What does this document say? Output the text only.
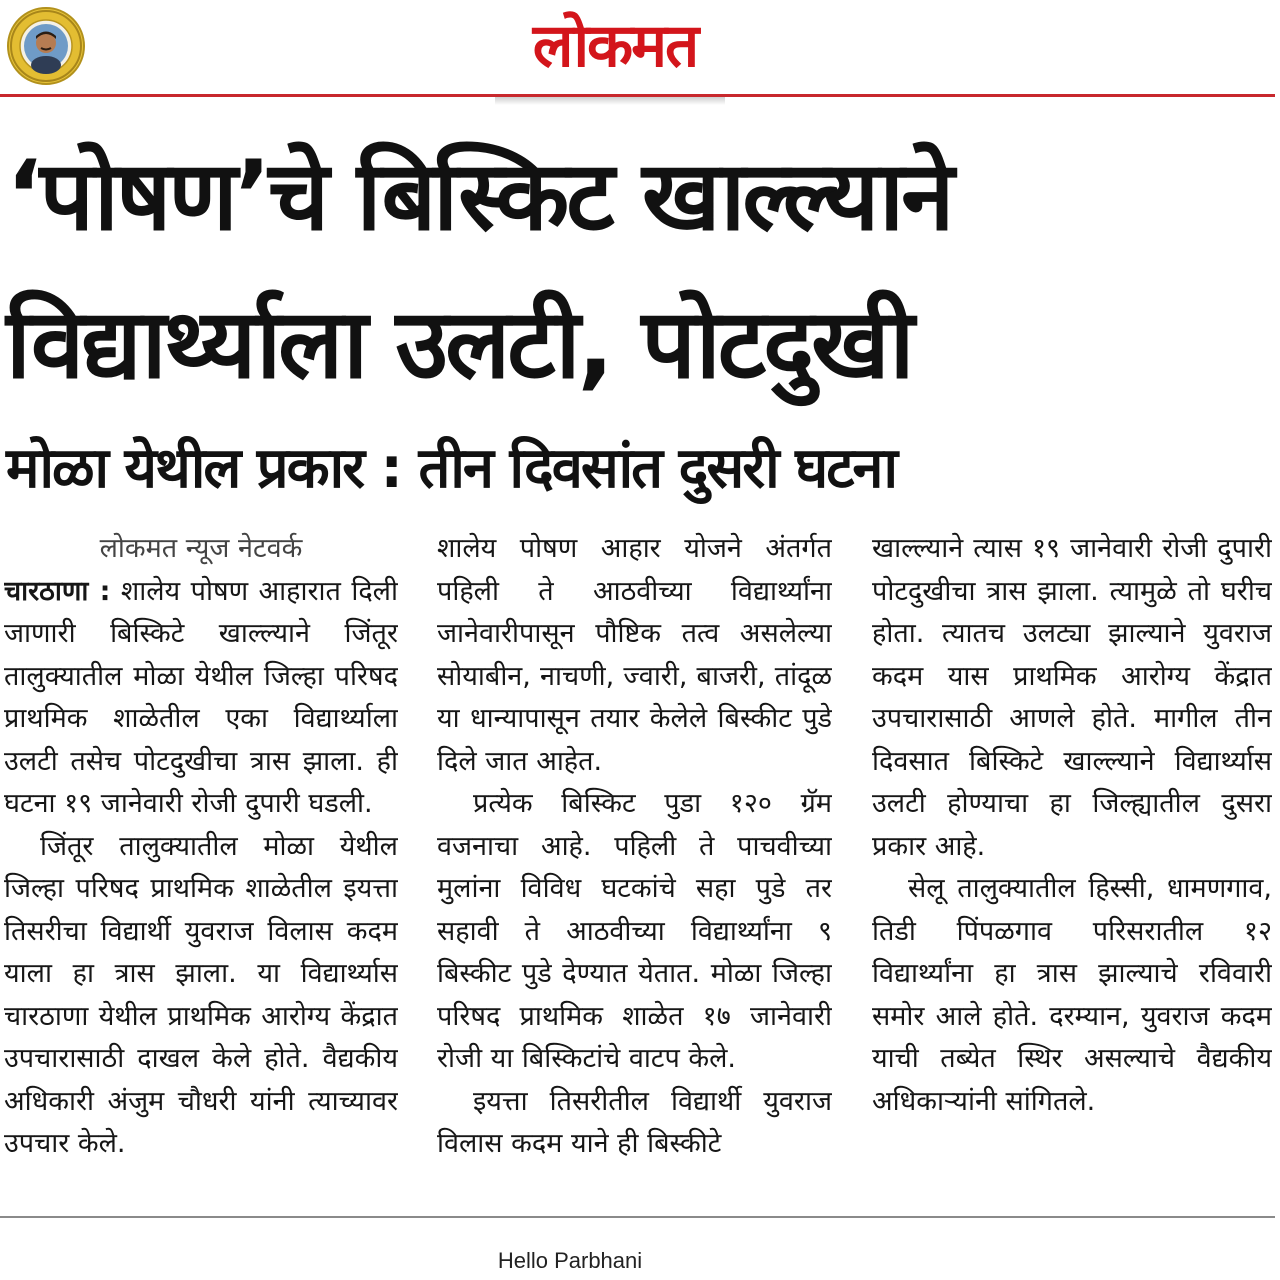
लोकमत
‘पोषण’चे बिस्किट खाल्ल्याने विद्यार्थ्याला उलटी, पोटदुखी
मोळा येथील प्रकार : तीन दिवसांत दुसरी घटना

लोकमत न्यूज नेटवर्क

चारठाणा : शालेय पोषण आहारात दिली जाणारी बिस्किटे खाल्ल्याने जिंतूर तालुक्यातील मोळा येथील जिल्हा परिषद प्राथमिक शाळेतील एका विद्यार्थ्याला उलटी तसेच पोटदुखीचा त्रास झाला. ही घटना १९ जानेवारी रोजी दुपारी घडली.

जिंतूर तालुक्यातील मोळा येथील जिल्हा परिषद प्राथमिक शाळेतील इयत्ता तिसरीचा विद्यार्थी युवराज विलास कदम याला हा त्रास झाला. या विद्यार्थ्यास चारठाणा येथील प्राथमिक आरोग्य केंद्रात उपचारासाठी दाखल केले होते. वैद्यकीय अधिकारी अंजुम चौधरी यांनी त्याच्यावर उपचार केले.

शालेय पोषण आहार योजने अंतर्गत पहिली ते आठवीच्या विद्यार्थ्यांना जानेवारीपासून पौष्टिक तत्व असलेल्या सोयाबीन, नाचणी, ज्वारी, बाजरी, तांदूळ या धान्यापासून तयार केलेले बिस्कीट पुडे दिले जात आहेत.

प्रत्येक बिस्किट पुडा १२० ग्रॅम वजनाचा आहे. पहिली ते पाचवीच्या मुलांना विविध घटकांचे सहा पुडे तर सहावी ते आठवीच्या विद्यार्थ्यांना ९ बिस्कीट पुडे देण्यात येतात. मोळा जिल्हा परिषद प्राथमिक शाळेत १७ जानेवारी रोजी या बिस्किटांचे वाटप केले.

इयत्ता तिसरीतील विद्यार्थी युवराज विलास कदम याने ही बिस्कीटे

खाल्ल्याने त्यास १९ जानेवारी रोजी दुपारी पोटदुखीचा त्रास झाला. त्यामुळे तो घरीच होता. त्यातच उलट्या झाल्याने युवराज कदम यास प्राथमिक आरोग्य केंद्रात उपचारासाठी आणले होते. मागील तीन दिवसात बिस्किटे खाल्ल्याने विद्यार्थ्यास उलटी होण्याचा हा जिल्ह्यातील दुसरा प्रकार आहे.

सेलू तालुक्यातील हिस्सी, धामणगाव, तिडी पिंपळगाव परिसरातील १२ विद्यार्थ्यांना हा त्रास झाल्याचे रविवारी समोर आले होते. दरम्यान, युवराज कदम याची तब्येत स्थिर असल्याचे वैद्यकीय अधिकाऱ्यांनी सांगितले.

Hello Parbhani
